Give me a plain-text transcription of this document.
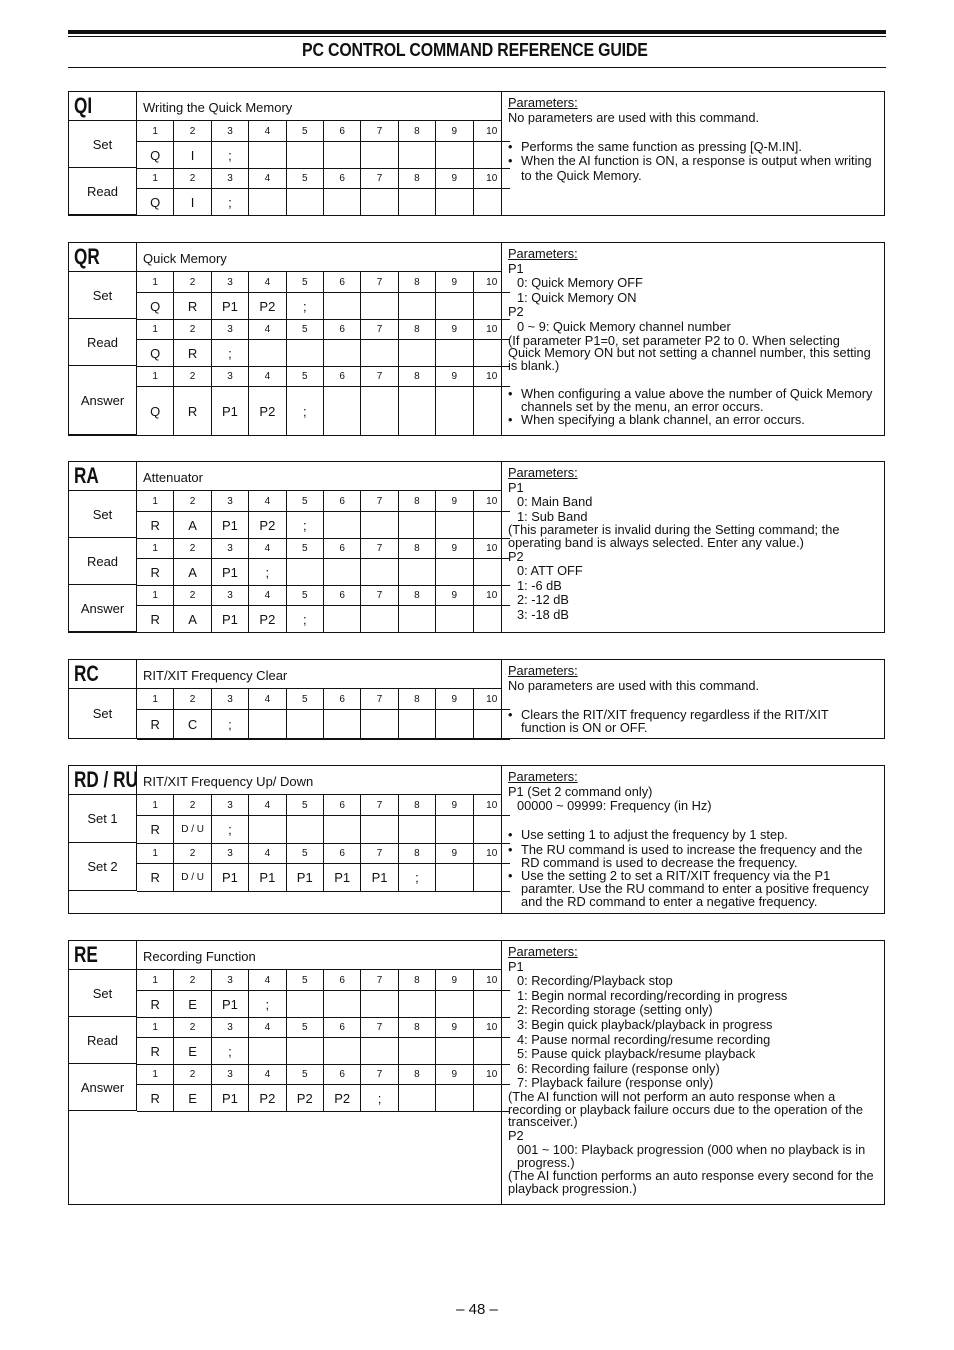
PC CONTROL COMMAND REFERENCE GUIDE
QI	Writing the Quick Memory
Set
1	2	3	4	5	6	7	8	9	10
Q	I	;							
Read
1	2	3	4	5	6	7	8	9	10
Q	I	;							

Parameters:

No parameters are used with this command.

• Performs the same function as pressing [Q-M.IN].

• When the AI function is ON, a response is output when writing to the Quick Memory.

QR	Quick Memory
Set
1	2	3	4	5	6	7	8	9	10
Q	R	P1	P2	;					
Read
1	2	3	4	5	6	7	8	9	10
Q	R	;							
Answer
1	2	3	4	5	6	7	8	9	10
Q	R	P1	P2	;					

Parameters:

P1

0: Quick Memory OFF

1: Quick Memory ON

P2

0 ~ 9: Quick Memory channel number

(If parameter P1=0, set parameter P2 to 0. When selecting Quick Memory ON but not setting a channel number, this setting is blank.)

• When configuring a value above the number of Quick Memory channels set by the menu, an error occurs.

• When specifying a blank channel, an error occurs.

RA	Attenuator
Set
1	2	3	4	5	6	7	8	9	10
R	A	P1	P2	;					
Read
1	2	3	4	5	6	7	8	9	10
R	A	P1	;						
Answer
1	2	3	4	5	6	7	8	9	10
R	A	P1	P2	;					

Parameters:

P1

0: Main Band

1: Sub Band

(This parameter is invalid during the Setting command; the operating band is always selected. Enter any value.)

P2

0: ATT OFF

1: -6 dB

2: -12 dB

3: -18 dB

RC	RIT/XIT Frequency Clear
Set
1	2	3	4	5	6	7	8	9	10
R	C	;							

Parameters:

No parameters are used with this command.

• Clears the RIT/XIT frequency regardless if the RIT/XIT function is ON or OFF.

RD / RU RIT/XIT Frequency Up/ Down
Set 1
1	2	3	4	5	6	7	8	9	10
R	D / U	;							
Set 2
1	2	3	4	5	6	7	8	9	10
R	D / U	P1	P1	P1	P1	P1	;		

Parameters:

P1 (Set 2 command only)

00000 ~ 09999: Frequency (in Hz)

• Use setting 1 to adjust the frequency by 1 step.

• The RU command is used to increase the frequency and the RD command is used to decrease the frequency.

• Use the setting 2 to set a RIT/XIT frequency via the P1 paramter. Use the RU command to enter a positive frequency and the RD command to enter a negative frequency.

RE	Recording Function
Set
1	2	3	4	5	6	7	8	9	10
R	E	P1	;						
Read
1	2	3	4	5	6	7	8	9	10
R	E	;							
Answer
1	2	3	4	5	6	7	8	9	10
R	E	P1	P2	P2	P2	;			

Parameters:

P1

0: Recording/Playback stop

1: Begin normal recording/recording in progress

2: Recording storage (setting only)

3: Begin quick playback/playback in progress

4: Pause normal recording/resume recording

5: Pause quick playback/resume playback

6: Recording failure (response only)

7: Playback failure (response only)

(The AI function will not perform an auto response when a recording or playback failure occurs due to the operation of the transceiver.)

P2

001 ~ 100: Playback progression (000 when no playback is in progress.)

(The AI function performs an auto response every second for the playback progression.)

– 48 –
